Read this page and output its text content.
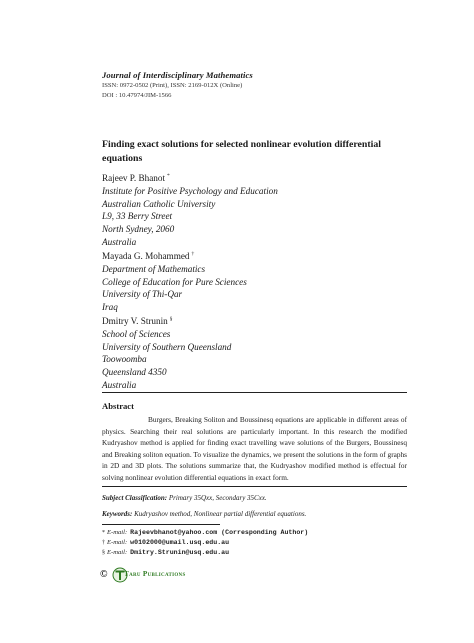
Journal of Interdisciplinary Mathematics
ISSN: 0972-0502 (Print), ISSN: 2169-012X (Online)
DOI : 10.47974/JIM-1566
Finding exact solutions for selected nonlinear evolution differential
equations
Rajeev P. Bhanot *
Institute for Positive Psychology and Education
Australian Catholic University
L9, 33 Berry Street
North Sydney, 2060
Australia
Mayada G. Mohammed †
Department of Mathematics
College of Education for Pure Sciences
University of Thi-Qar
Iraq
Dmitry V. Strunin §
School of Sciences
University of Southern Queensland
Toowoomba
Queensland 4350
Australia
Abstract
Burgers, Breaking Soliton and Boussinesq equations are applicable in different areas of physics. Searching their real solutions are particularly important. In this research the modified Kudryashov method is applied for finding exact travelling wave solutions of the Burgers, Boussinesq and Breaking soliton equation. To visualize the dynamics, we present the solutions in the form of graphs in 2D and 3D plots. The solutions summarize that, the Kudryashov modified method is effectual for solving nonlinear evolution differential equations in exact form.
Subject Classification: Primary 35Qxx, Secondary 35Cxx.
Keywords: Kudryashov method, Nonlinear partial differential equations.
* E-mail: Rajeevbhanot@yahoo.com (Corresponding Author)
† E-mail: w0102000@umail.usq.edu.au
§ E-mail: Dmitry.Strunin@usq.edu.au
© Taru Publications
